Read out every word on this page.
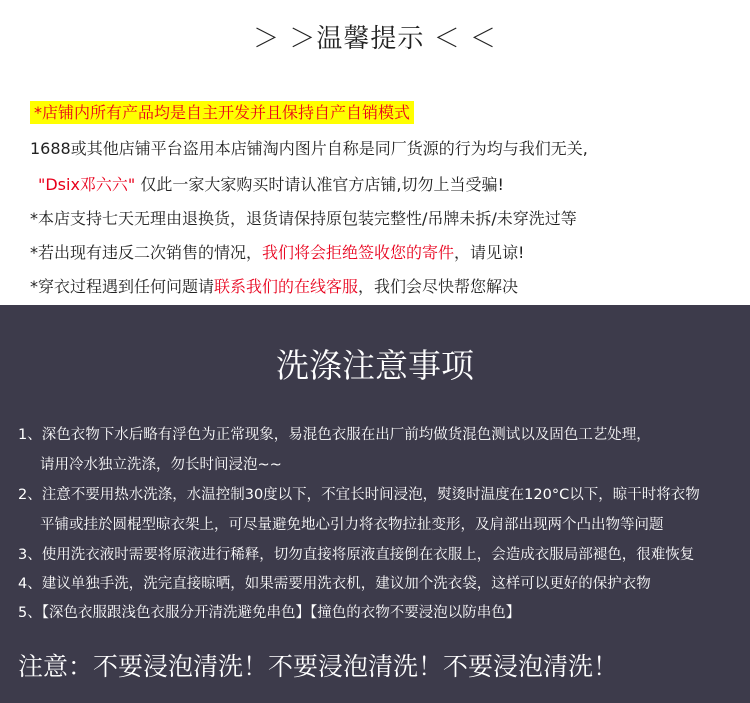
＞ ＞温馨提示 ＜ ＜
*店铺内所有产品均是自主开发并且保持自产自销模式
1688或其他店铺平台盗用本店铺淘内图片自称是同厂货源的行为均与我们无关,
"Dsix邓六六" 仅此一家大家购买时请认准官方店铺,切勿上当受骗!
*本店支持七天无理由退换货，退货请保持原包装完整性/吊牌未拆/未穿洗过等
*若出现有违反二次销售的情况，我们将会拒绝签收您的寄件，请见谅!
*穿衣过程遇到任何问题请联系我们的在线客服，我们会尽快帮您解决
洗涤注意事项
1、深色衣物下水后略有浮色为正常现象，易混色衣服在出厂前均做货混色测试以及固色工艺处理，
请用冷水独立洗涤，勿长时间浸泡~~
2、注意不要用热水洗涤，水温控制30度以下，不宜长时间浸泡，熨烫时温度在120°C以下，晾干时将衣物
平铺或挂於圆棍型晾衣架上，可尽量避免地心引力将衣物拉扯变形，及肩部出现两个凸出物等问题
3、使用洗衣液时需要将原液进行稀释，切勿直接将原液直接倒在衣服上，会造成衣服局部褪色，很难恢复
4、建议单独手洗，洗完直接晾晒，如果需要用洗衣机，建议加个洗衣袋，这样可以更好的保护衣物
5、【深色衣服跟浅色衣服分开清洗避免串色】【撞色的衣物不要浸泡以防串色】
注意：不要浸泡清洗！不要浸泡清洗！不要浸泡清洗！
